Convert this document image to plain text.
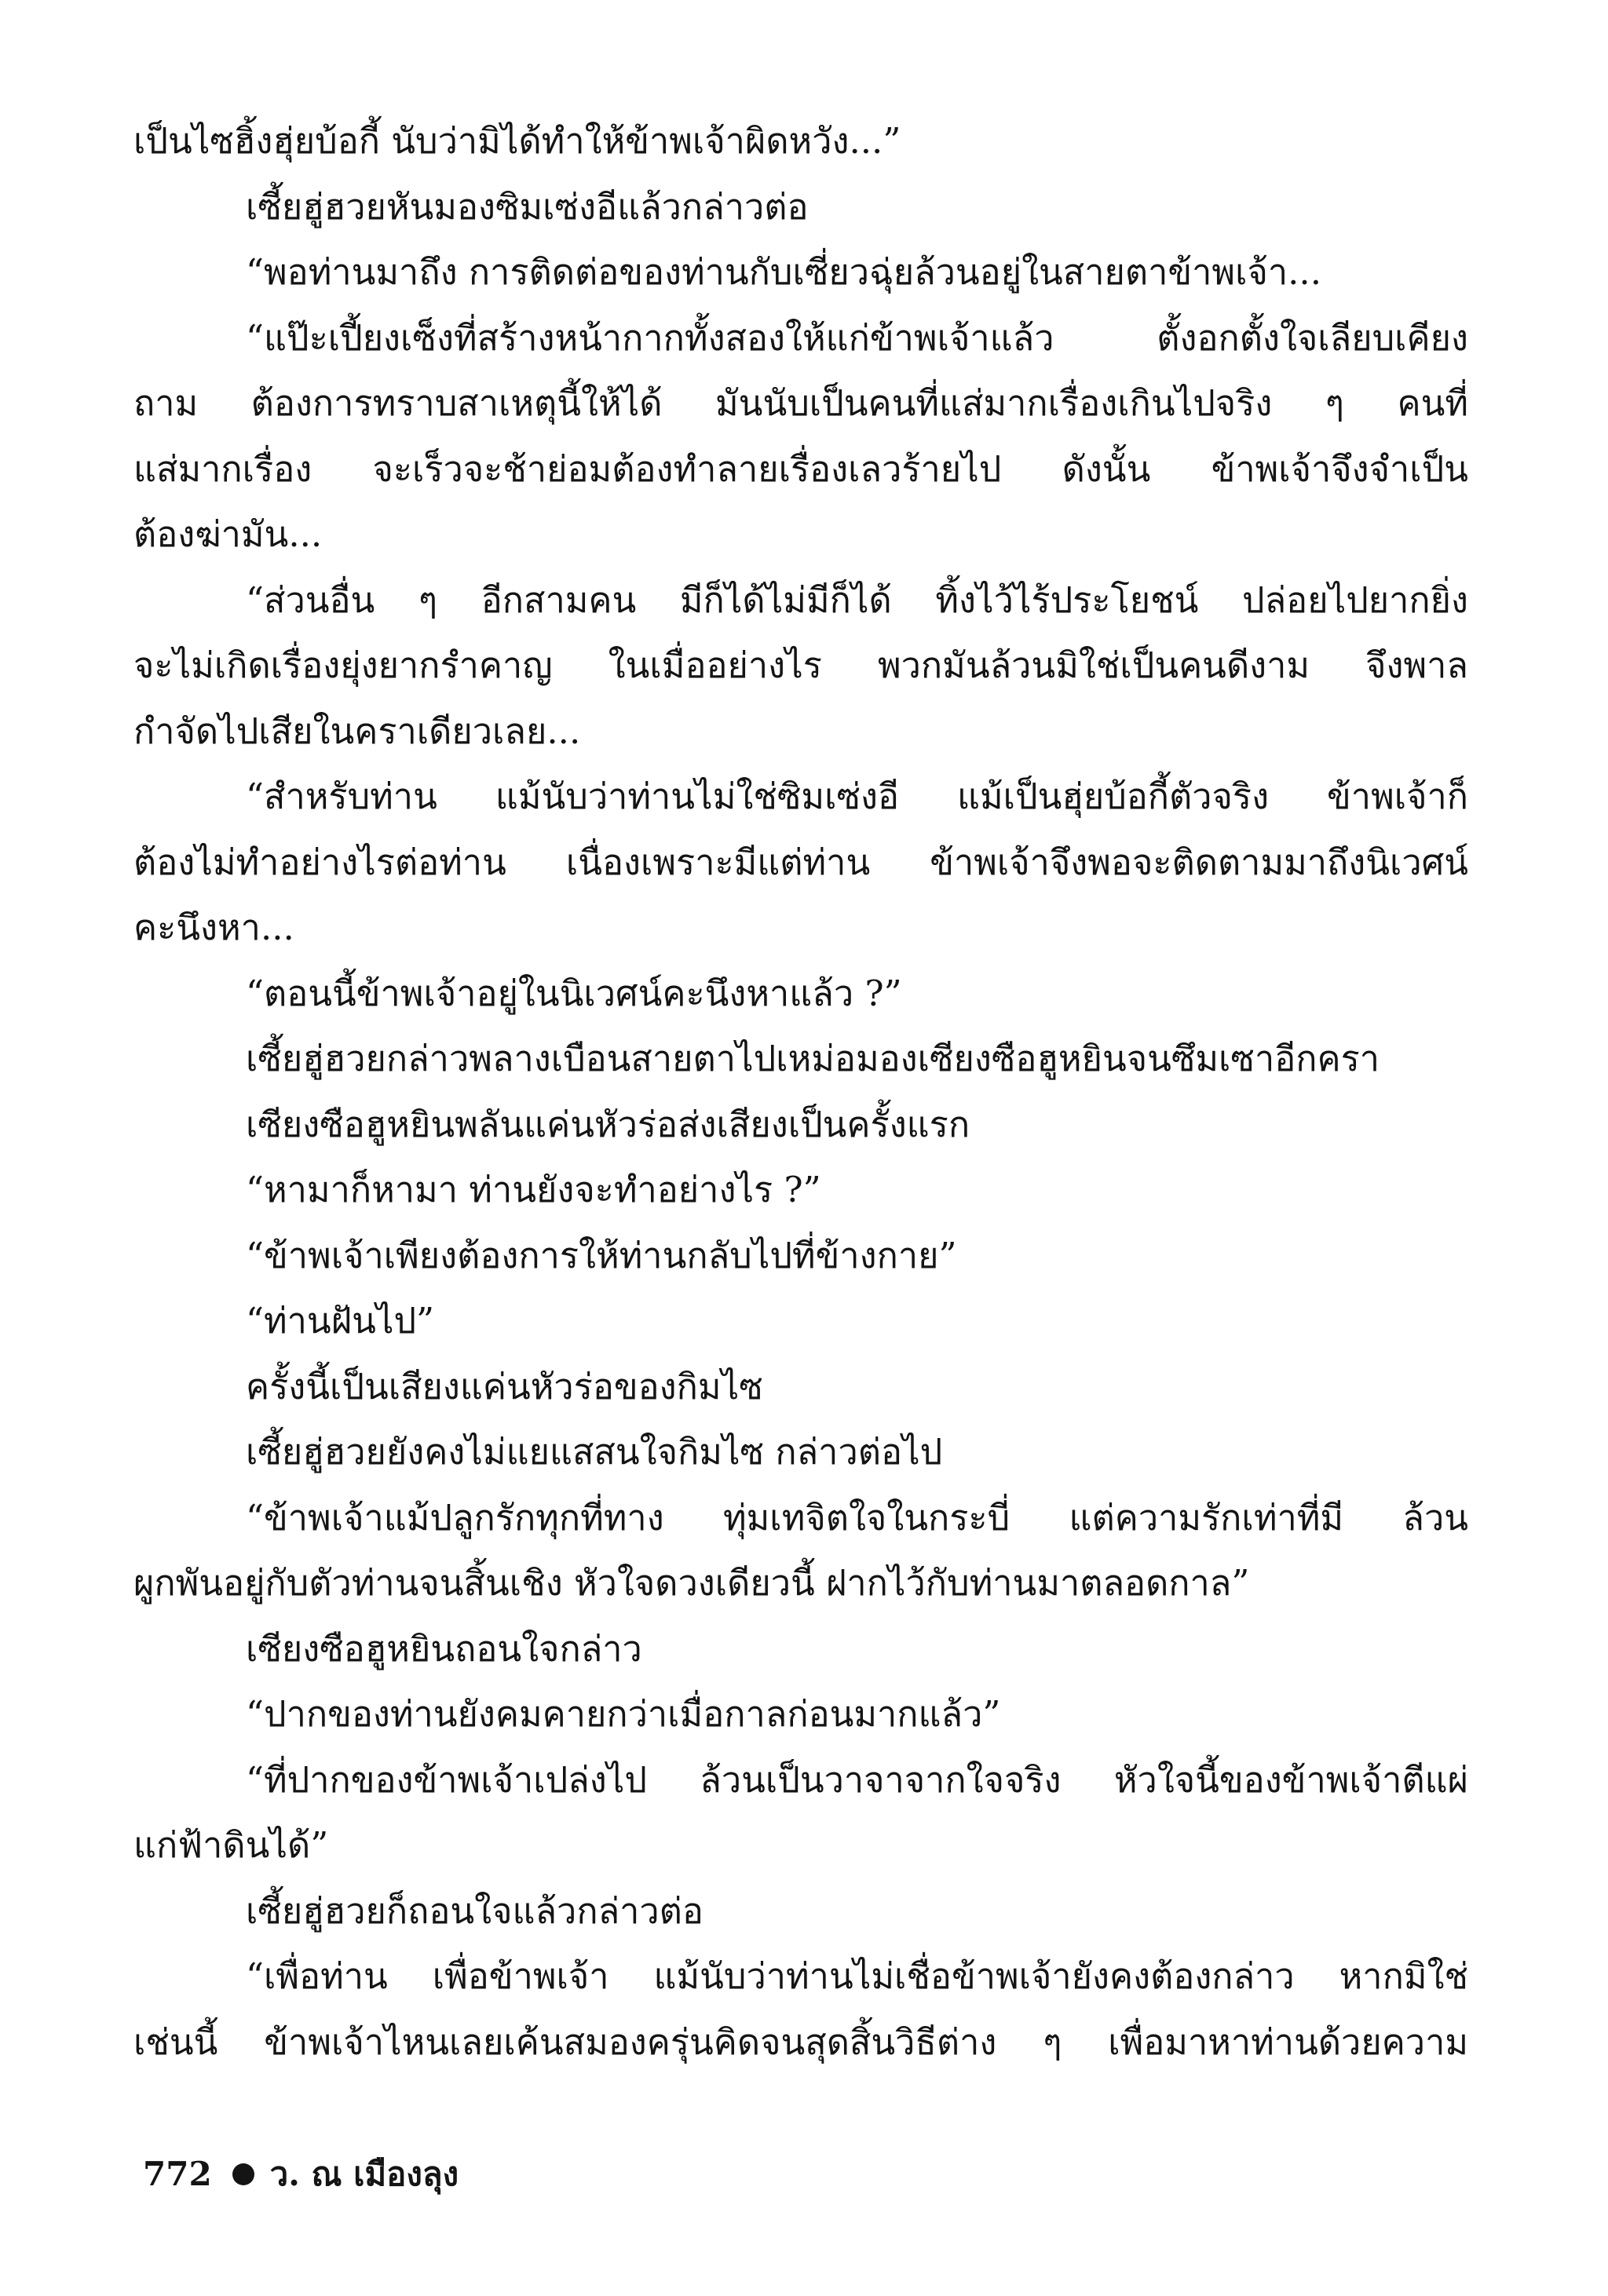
เป็นไซฮิ้งฮุ่ยบ้อกี้ นับว่ามิได้ทำให้ข้าพเจ้าผิดหวัง...”
เซี้ยฮู่ฮวยหันมองซิมเซ่งอีแล้วกล่าวต่อ
“พอท่านมาถึง การติดต่อของท่านกับเซี่ยวฉุ่ยล้วนอยู่ในสายตาข้าพเจ้า...
“แป๊ะเปี้ยงเซ็งที่สร้างหน้ากากทั้งสองให้แก่ข้าพเจ้าแล้ว ตั้งอกตั้งใจเลียบเคียง
ถาม ต้องการทราบสาเหตุนี้ให้ได้ มันนับเป็นคนที่แส่มากเรื่องเกินไปจริง ๆ คนที่
แส่มากเรื่อง จะเร็วจะช้าย่อมต้องทำลายเรื่องเลวร้ายไป ดังนั้น ข้าพเจ้าจึงจำเป็น
ต้องฆ่ามัน...
“ส่วนอื่น ๆ อีกสามคน มีก็ได้ไม่มีก็ได้ ทิ้งไว้ไร้ประโยชน์ ปล่อยไปยากยิ่ง
จะไม่เกิดเรื่องยุ่งยากรำคาญ ในเมื่ออย่างไร พวกมันล้วนมิใช่เป็นคนดีงาม จึงพาล
กำจัดไปเสียในคราเดียวเลย...
“สำหรับท่าน แม้นับว่าท่านไม่ใช่ซิมเซ่งอี แม้เป็นฮุ่ยบ้อกี้ตัวจริง ข้าพเจ้าก็
ต้องไม่ทำอย่างไรต่อท่าน เนื่องเพราะมีแต่ท่าน ข้าพเจ้าจึงพอจะติดตามมาถึงนิเวศน์
คะนึงหา...
“ตอนนี้ข้าพเจ้าอยู่ในนิเวศน์คะนึงหาแล้ว ?”
เซี้ยฮู่ฮวยกล่าวพลางเบือนสายตาไปเหม่อมองเซียงซือฮูหยินจนซึมเซาอีกครา
เซียงซือฮูหยินพลันแค่นหัวร่อส่งเสียงเป็นครั้งแรก
“หามาก็หามา ท่านยังจะทำอย่างไร ?”
“ข้าพเจ้าเพียงต้องการให้ท่านกลับไปที่ข้างกาย”
“ท่านฝันไป”
ครั้งนี้เป็นเสียงแค่นหัวร่อของกิมไซ
เซี้ยฮู่ฮวยยังคงไม่แยแสสนใจกิมไซ กล่าวต่อไป
“ข้าพเจ้าแม้ปลูกรักทุกที่ทาง ทุ่มเทจิตใจในกระบี่ แต่ความรักเท่าที่มี ล้วน
ผูกพันอยู่กับตัวท่านจนสิ้นเชิง หัวใจดวงเดียวนี้ ฝากไว้กับท่านมาตลอดกาล”
เซียงซือฮูหยินถอนใจกล่าว
“ปากของท่านยังคมคายกว่าเมื่อกาลก่อนมากแล้ว”
“ที่ปากของข้าพเจ้าเปล่งไป ล้วนเป็นวาจาจากใจจริง หัวใจนี้ของข้าพเจ้าตีแผ่
แก่ฟ้าดินได้”
เซี้ยฮู่ฮวยก็ถอนใจแล้วกล่าวต่อ
“เพื่อท่าน เพื่อข้าพเจ้า แม้นับว่าท่านไม่เชื่อข้าพเจ้ายังคงต้องกล่าว หากมิใช่
เช่นนี้ ข้าพเจ้าไหนเลยเค้นสมองครุ่นคิดจนสุดสิ้นวิธีต่าง ๆ เพื่อมาหาท่านด้วยความ
772 ว. ณ เมืองลุง
